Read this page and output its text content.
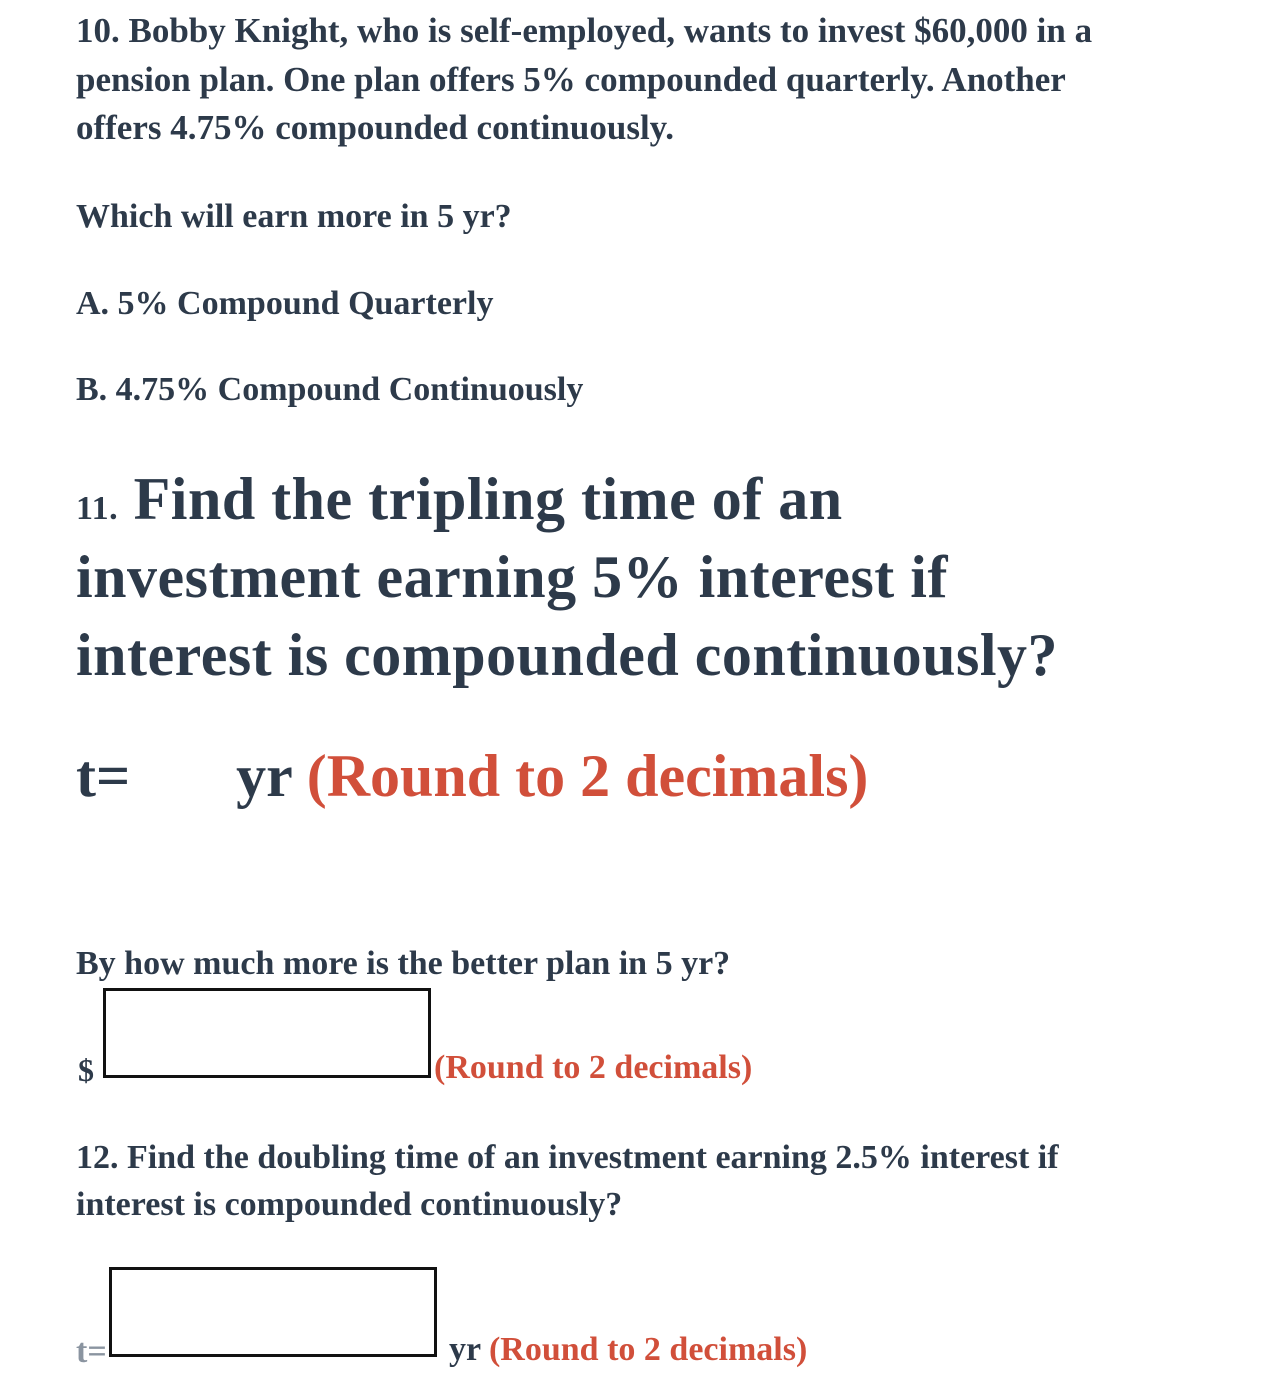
10. Bobby Knight, who is self-employed, wants to invest $60,000 in a
pension plan. One plan offers 5% compounded quarterly. Another
offers 4.75% compounded continuously.
Which will earn more in 5 yr?
A. 5% Compound Quarterly
B. 4.75% Compound Continuously
11. Find the tripling time of an
investment earning 5% interest if
interest is compounded continuously?
t= yr (Round to 2 decimals)
By how much more is the better plan in 5 yr?
$	(Round to 2 decimals)
12. Find the doubling time of an investment earning 2.5% interest if
interest is compounded continuously?
t=	yr (Round to 2 decimals)
